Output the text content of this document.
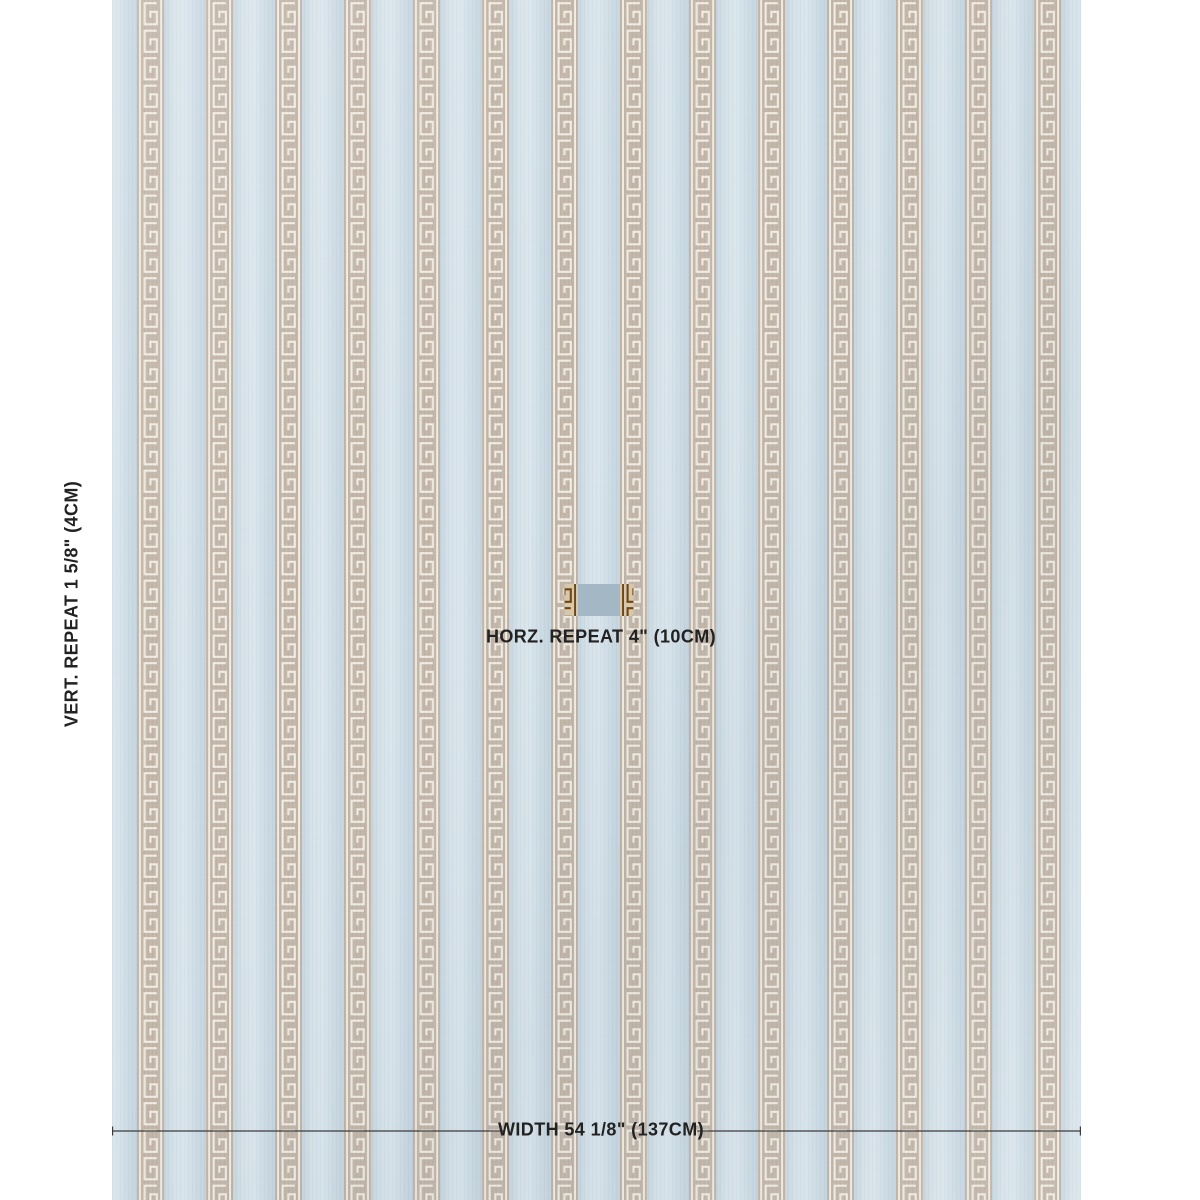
VERT. REPEAT 1 5/8" (4CM)	HORZ. REPEAT 4" (10CM)
WIDTH 54 1/8" (137CM)
